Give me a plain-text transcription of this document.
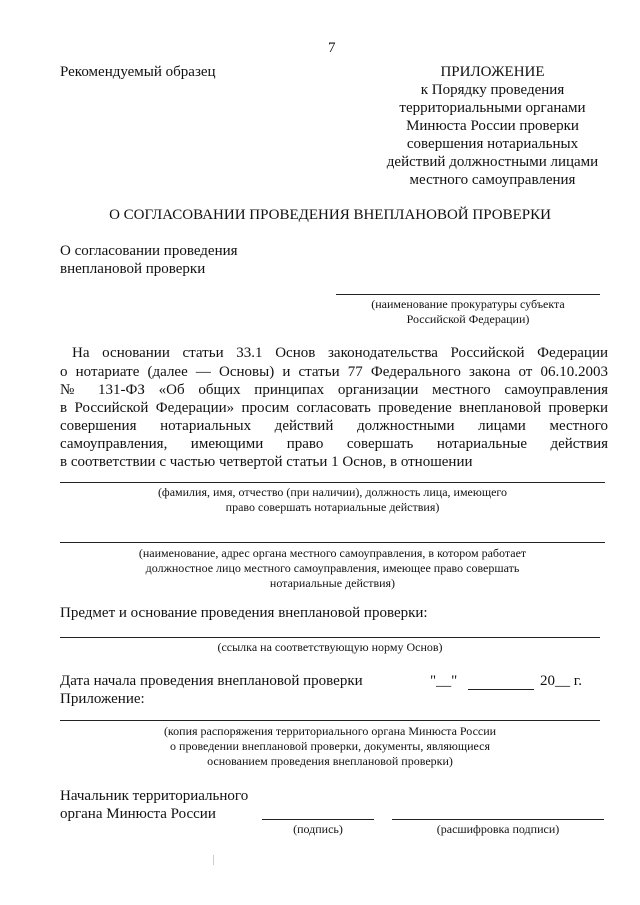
7
Рекомендуемый образец	ПРИЛОЖЕНИЕ
к Порядку проведения
территориальными органами
Минюста России проверки
совершения нотариальных
действий должностными лицами
местного самоуправления
О СОГЛАСОВАНИИ ПРОВЕДЕНИЯ ВНЕПЛАНОВОЙ ПРОВЕРКИ
О согласовании проведения
внеплановой проверки
(наименование прокуратуры субъекта
Российской Федерации)
На основании статьи 33.1 Основ законодательства Российской Федерации
о нотариате (далее — Основы) и статьи 77 Федерального закона от 06.10.2003
№ 131-ФЗ «Об общих принципах организации местного самоуправления
в Российской Федерации» просим согласовать проведение внеплановой проверки
совершения нотариальных действий должностными лицами местного
самоуправления, имеющими право совершать нотариальные действия
в соответствии с частью четвертой статьи 1 Основ, в отношении
(фамилия, имя, отчество (при наличии), должность лица, имеющего
право совершать нотариальные действия)
(наименование, адрес органа местного самоуправления, в котором работает
должностное лицо местного самоуправления, имеющее право совершать
нотариальные действия)
Предмет и основание проведения внеплановой проверки:
(ссылка на соответствующую норму Основ)
Дата начала проведения внеплановой проверки	"__"	20__ г.
Приложение:
(копия распоряжения территориального органа Минюста России
о проведении внеплановой проверки, документы, являющиеся
основанием проведения внеплановой проверки)
Начальник территориального
органа Минюста России
(подпись)	(расшифровка подписи)
